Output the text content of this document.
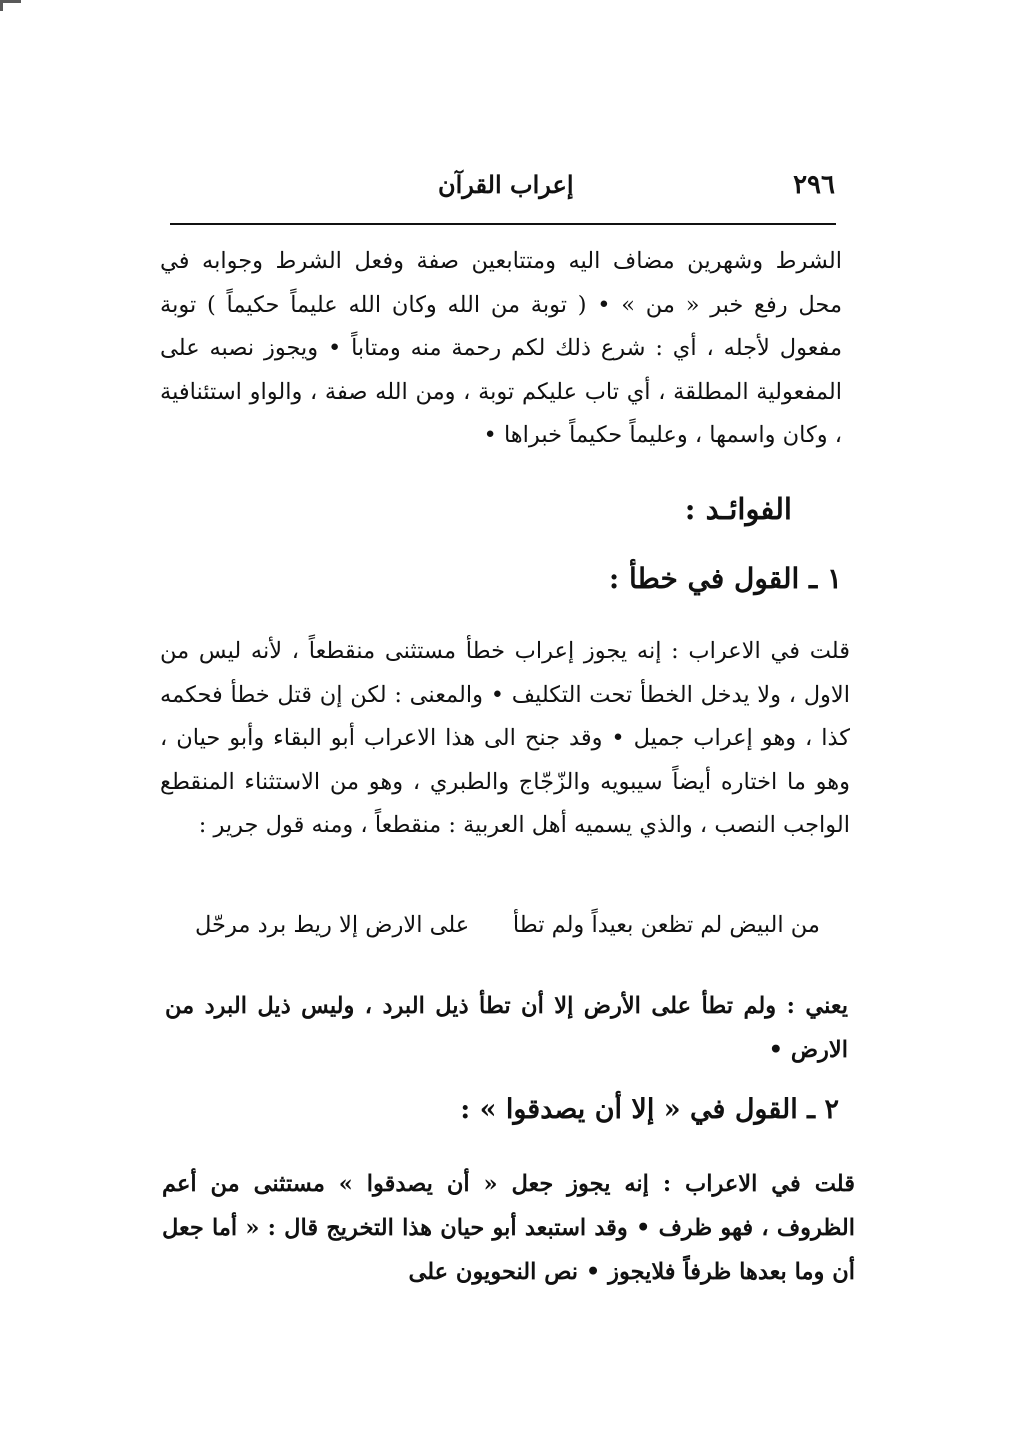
٢٩٦
إعراب القرآن

الشرط وشهرين مضاف اليه ومتتابعين صفة وفعل الشرط وجوابه في محل رفع خبر « من » • ( توبة من الله وكان الله عليماً حكيماً ) توبة مفعول لأجله ، أي : شرع ذلك لكم رحمة منه ومتاباً • ويجوز نصبه على المفعولية المطلقة ، أي تاب عليكم توبة ، ومن الله صفة ، والواو استئنافية ، وكان واسمها ، وعليماً حكيماً خبراها •

الفوائـد :
١ ـ القول في خطأ :

قلت في الاعراب : إنه يجوز إعراب خطأ مستثنى منقطعاً ، لأنه ليس من الاول ، ولا يدخل الخطأ تحت التكليف • والمعنى : لكن إن قتل خطأ فحكمه كذا ، وهو إعراب جميل • وقد جنح الى هذا الاعراب أبو البقاء وأبو حيان ، وهو ما اختاره أيضاً سيبويه والزّجّاج والطبري ، وهو من الاستثناء المنقطع الواجب النصب ، والذي يسميه أهل العربية : منقطعاً ، ومنه قول جرير :

من البيض لم تظعن بعيداً ولم تطأ
على الارض إلا ريط برد مرحّل

يعني : ولم تطأ على الأرض إلا أن تطأ ذيل البرد ، وليس ذيل البرد من الارض •

٢ ـ القول في « إلا أن يصدقوا » :

قلت في الاعراب : إنه يجوز جعل « أن يصدقوا » مستثنى من أعم الظروف ، فهو ظرف • وقد استبعد أبو حيان هذا التخريج قال : « أما جعل أن وما بعدها ظرفاً فلايجوز • نص النحويون على
